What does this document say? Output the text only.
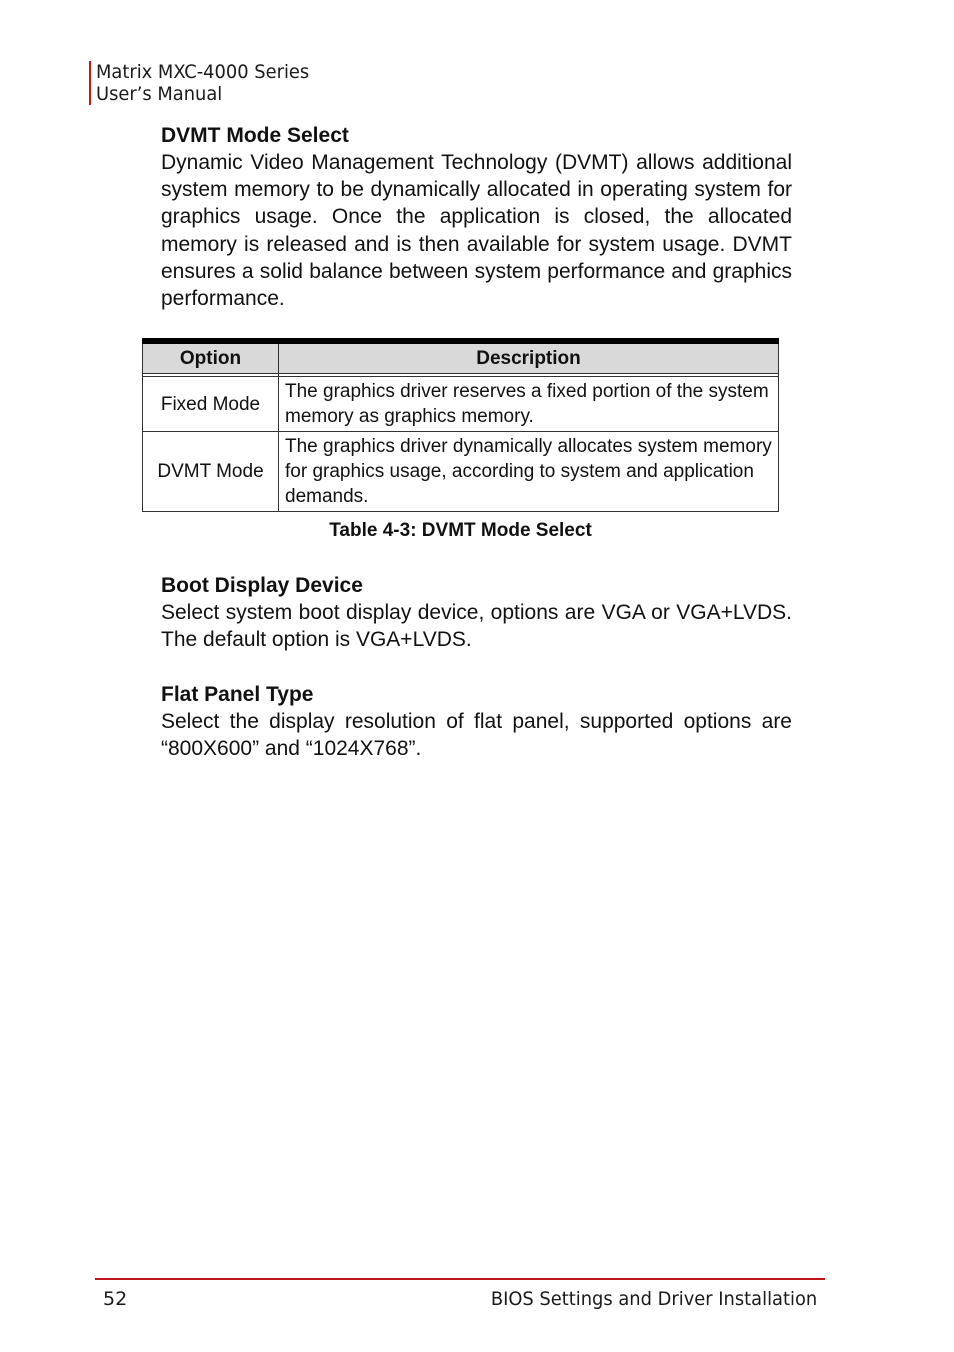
Matrix MXC-4000 Series
User’s Manual
DVMT Mode Select

Dynamic Video Management Technology (DVMT) allows additional system memory to be dynamically allocated in operating system for graphics usage. Once the application is closed, the allocated memory is released and is then available for system usage. DVMT ensures a solid balance between system performance and graphics performance.

Option	Description

Fixed Mode	The graphics driver reserves a fixed portion of the system memory as graphics memory.
DVMT Mode	The graphics driver dynamically allocates system memory for graphics usage, according to system and application demands.
Table 4-3: DVMT Mode Select
Boot Display Device

Select system boot display device, options are VGA or VGA+LVDS. The default option is VGA+LVDS.

Flat Panel Type

Select the display resolution of flat panel, supported options are “800X600” and “1024X768”.

52	BIOS Settings and Driver Installation
